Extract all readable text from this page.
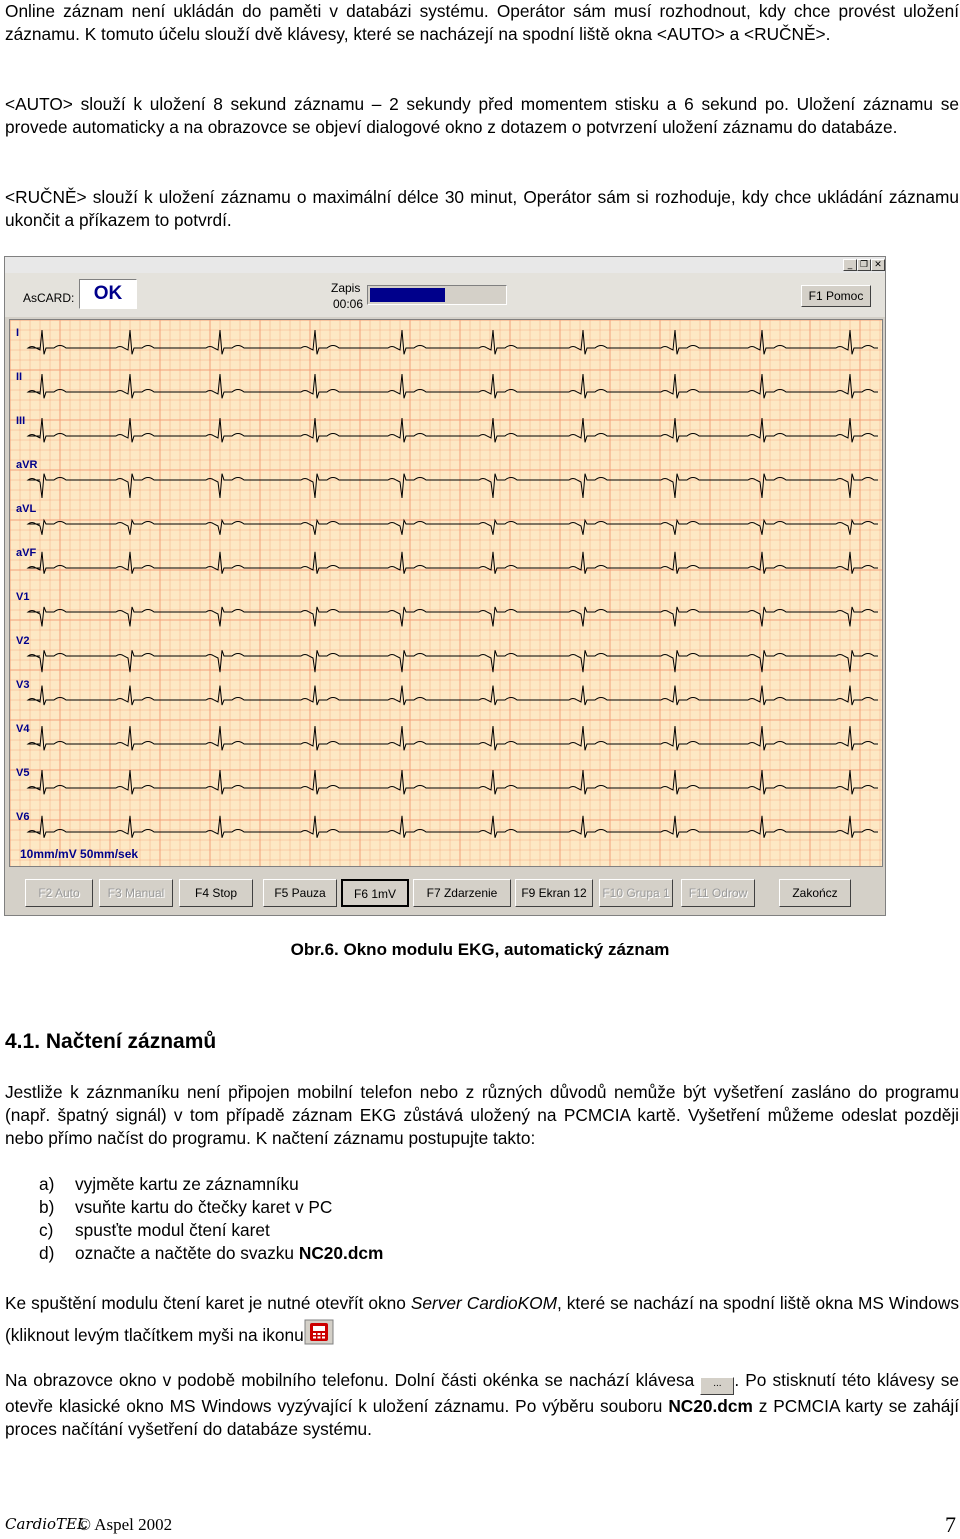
Online záznam není ukládán do paměti v databázi systému. Operátor sám musí rozhodnout, kdy chce provést uložení záznamu. K tomuto účelu slouží dvě klávesy, které se nacházejí na spodní liště okna <AUTO> a <RUČNĚ>.

<AUTO> slouží k uložení 8 sekund záznamu – 2 sekundy před momentem stisku a 6 sekund po. Uložení záznamu se provede automaticky a na obrazovce se objeví dialogové okno z dotazem o potvrzení uložení záznamu do databáze.

<RUČNĚ> slouží k uložení záznamu o maximální délce 30 minut, Operátor sám si rozhoduje, kdy chce ukládání záznamu ukončit a příkazem to potvrdí.

_ ❐ ✕
AsCARD:	OK	Zapis
00:06
F1 Pomoc
I
II
III
aVR
aVL
aVF
V1
V2
V3
V4
V5
V6
10mm/mV 50mm/sek
F2 Auto	F3 Manual	F4 Stop	F5 Pauza	F6 1mV	F7 Zdarzenie	F9 Ekran 12	F10 Grupa 1	F11 Odrow	Zakończ
Obr.6. Okno modulu EKG, automatický záznam
4.1. Načtení záznamů

Jestliže k záznmaníku není připojen mobilní telefon nebo z různých důvodů nemůže být vyšetření zasláno do programu (např. špatný signál) v tom případě záznam EKG zůstává uložený na PCMCIA kartě. Vyšetření můžeme odeslat později nebo přímo načíst do programu. K načtení záznamu postupujte takto:

a) vyjměte kartu ze záznamníku
b) vsuňte kartu do čtečky karet v PC
c) spusťte modul čtení karet
d) označte a načtěte do svazku NC20.dcm

Ke spuštění modulu čtení karet je nutné otevřít okno Server CardioKOM, které se nachází na spodní liště okna MS Windows (kliknout levým tlačítkem myši na ikonu

Na obrazovce okno v podobě mobilního telefonu. Dolní části okénka se nachází klávesa ... . Po stisknutí této klávesy se otevře klasické okno MS Windows vyzývající k uložení záznamu. Po výběru souboru NC20.dcm z PCMCIA karty se zahájí proces načítání vyšetření do databáze systému.

CardioTEL
© Aspel 2002	7
